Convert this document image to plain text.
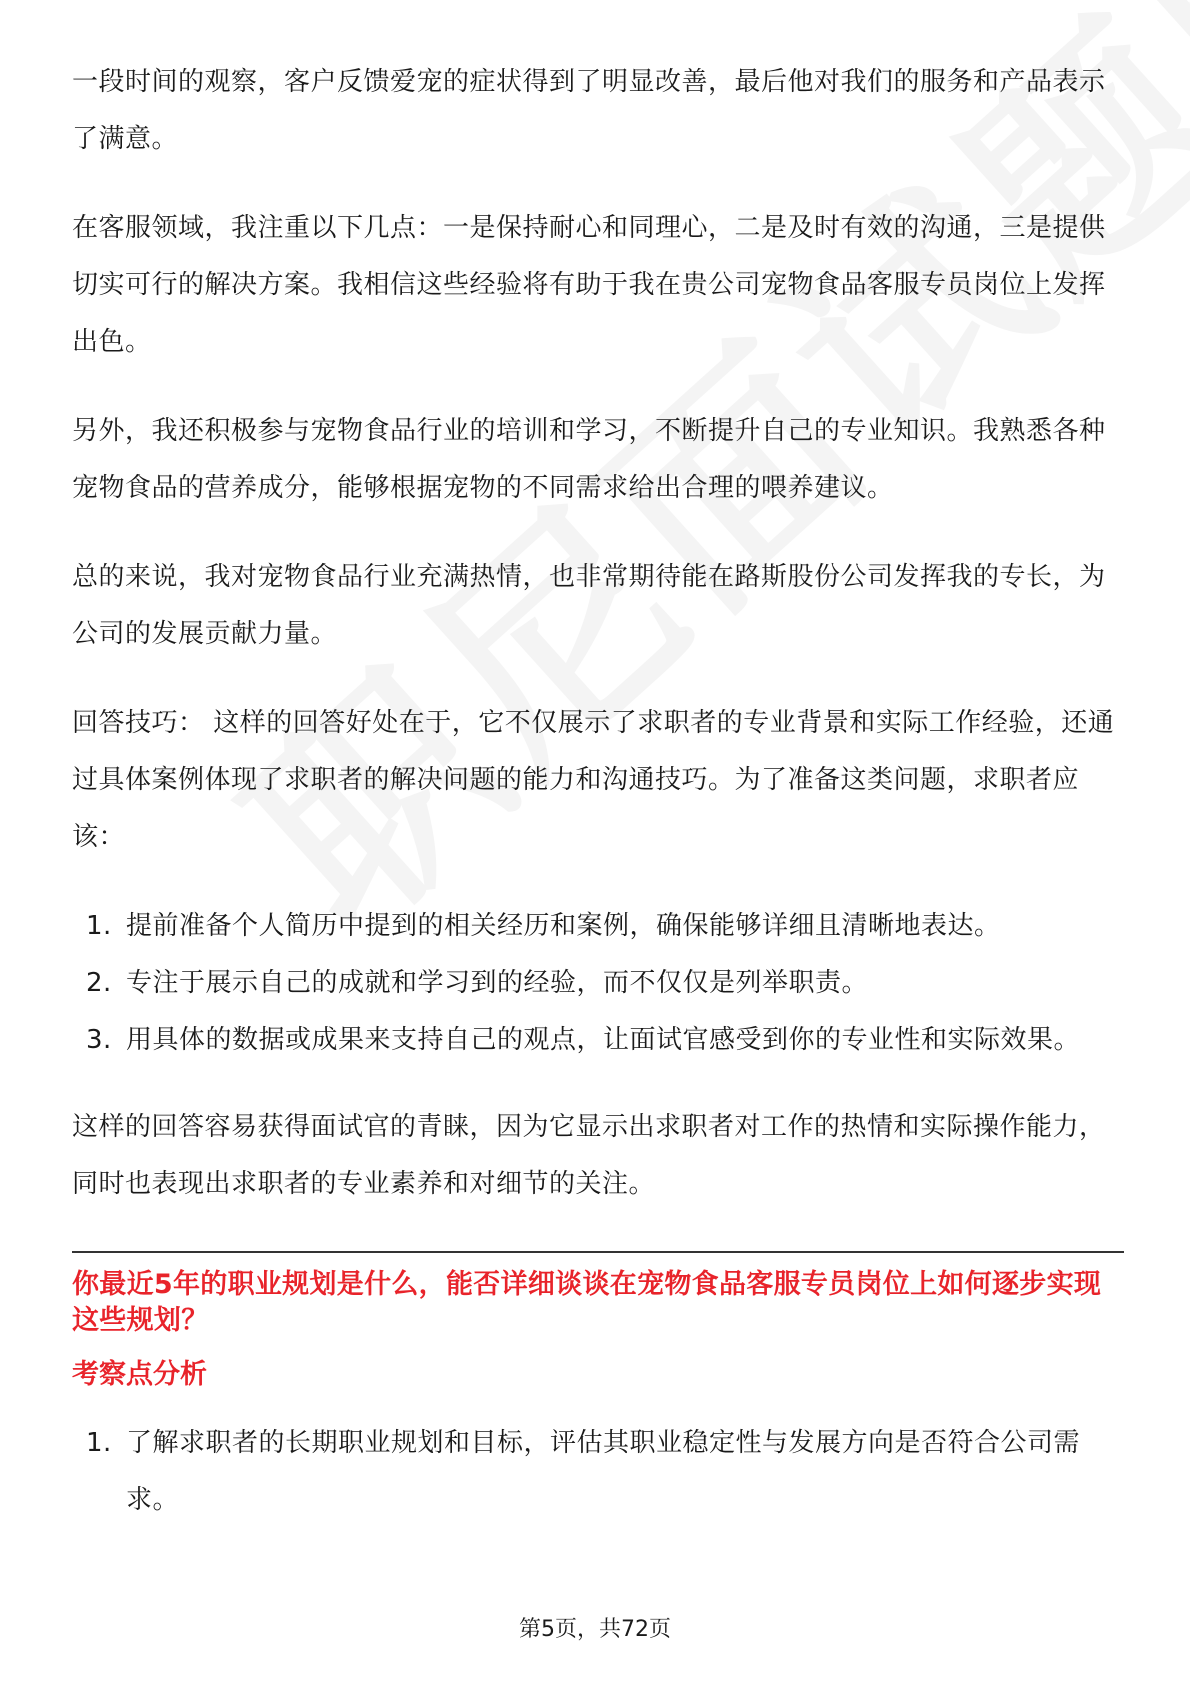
一段时间的观察，客户反馈爱宠的症状得到了明显改善，最后他对我们的服务和产品表示了满意。

在客服领域，我注重以下几点：一是保持耐心和同理心，二是及时有效的沟通，三是提供切实可行的解决方案。我相信这些经验将有助于我在贵公司宠物食品客服专员岗位上发挥出色。

另外，我还积极参与宠物食品行业的培训和学习，不断提升自己的专业知识。我熟悉各种宠物食品的营养成分，能够根据宠物的不同需求给出合理的喂养建议。

总的来说，我对宠物食品行业充满热情，也非常期待能在路斯股份公司发挥我的专长，为公司的发展贡献力量。

回答技巧： 这样的回答好处在于，它不仅展示了求职者的专业背景和实际工作经验，还通过具体案例体现了求职者的解决问题的能力和沟通技巧。为了准备这类问题，求职者应该：

1. 提前准备个人简历中提到的相关经历和案例，确保能够详细且清晰地表达。
2. 专注于展示自己的成就和学习到的经验，而不仅仅是列举职责。
3. 用具体的数据或成果来支持自己的观点，让面试官感受到你的专业性和实际效果。

这样的回答容易获得面试官的青睐，因为它显示出求职者对工作的热情和实际操作能力，同时也表现出求职者的专业素养和对细节的关注。

你最近5年的职业规划是什么，能否详细谈谈在宠物食品客服专员岗位上如何逐步实现这些规划？
考察点分析
1. 了解求职者的长期职业规划和目标，评估其职业稳定性与发展方向是否符合公司需求。
第5页，共72页
